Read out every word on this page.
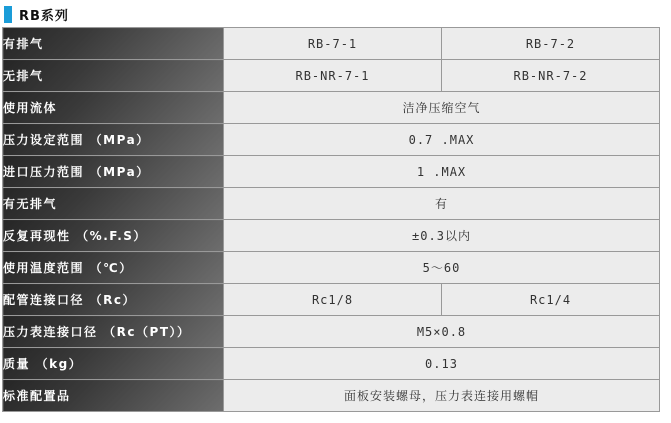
RB系列
有排气	RB-7-1	RB-7-2
无排气	RB-NR-7-1	RB-NR-7-2
使用流体	洁净压缩空气	
压力设定范围 （MPa）	0.7 .MAX	
进口压力范围 （MPa）	1 .MAX	
有无排气	有	
反复再现性 （%.F.S）	±0.3以内	
使用温度范围 （℃）	5～60	
配管连接口径 （Rc）	Rc1/8	Rc1/4
压力表连接口径 （Rc（PT））	M5×0.8	
质量 （kg）	0.13	
标准配置品	面板安装螺母，压力表连接用螺帽	
